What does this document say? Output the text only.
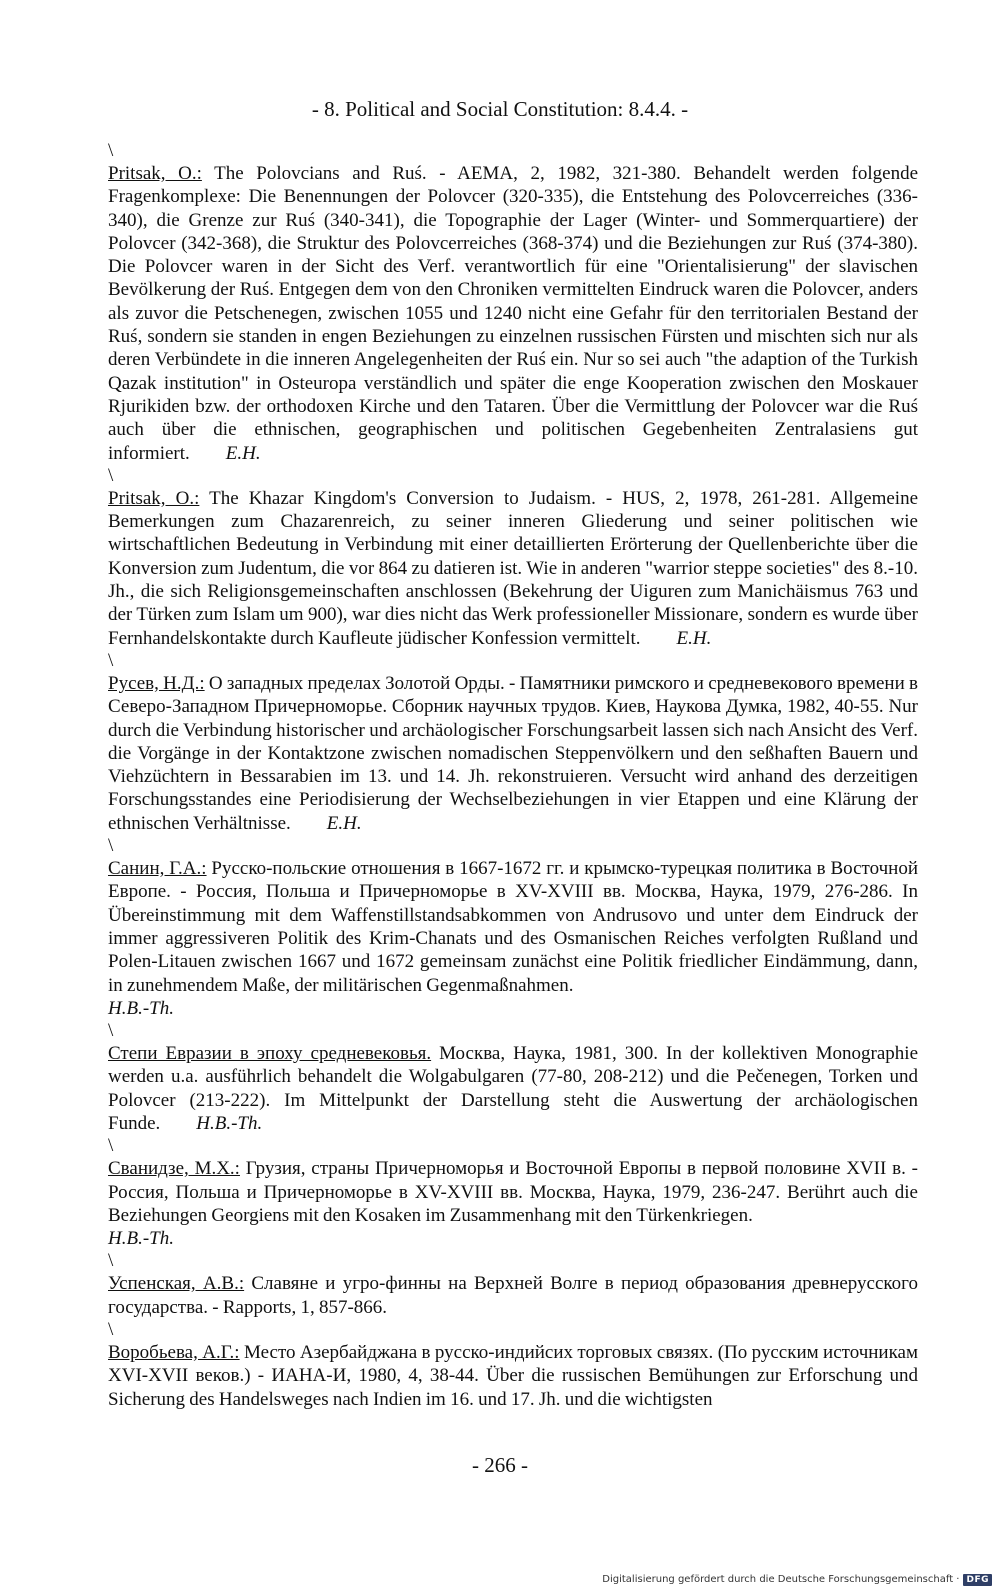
- 8. Political and Social Constitution: 8.4.4. -
\

Pritsak, O.: The Polovcians and Ruś. - AEMA, 2, 1982, 321-380. Behandelt werden folgende Fragenkomplexe: Die Benennungen der Polovcer (320-335), die Entstehung des Polovcerreiches (336-340), die Grenze zur Ruś (340-341), die Topographie der Lager (Winter- und Sommerquartiere) der Polovcer (342-368), die Struktur des Polovcerreiches (368-374) und die Beziehungen zur Ruś (374-380). Die Polovcer waren in der Sicht des Verf. verantwortlich für eine "Orientalisierung" der slavischen Bevölkerung der Ruś. Entgegen dem von den Chroniken vermittelten Eindruck waren die Polovcer, anders als zuvor die Petschenegen, zwischen 1055 und 1240 nicht eine Gefahr für den territorialen Bestand der Ruś, sondern sie standen in engen Beziehungen zu einzelnen russischen Fürsten und mischten sich nur als deren Verbündete in die inneren Angelegenheiten der Ruś ein. Nur so sei auch "the adaption of the Turkish Qazak institution" in Osteuropa verständlich und später die enge Kooperation zwischen den Moskauer Rjurikiden bzw. der orthodoxen Kirche und den Tataren. Über die Vermittlung der Polovcer war die Ruś auch über die ethnischen, geographischen und politischen Gegebenheiten Zentralasiens gut informiert. E.H.

\

Pritsak, O.: The Khazar Kingdom's Conversion to Judaism. - HUS, 2, 1978, 261-281. Allgemeine Bemerkungen zum Chazarenreich, zu seiner inneren Gliederung und seiner politischen wie wirtschaftlichen Bedeutung in Verbindung mit einer detaillierten Erörterung der Quellenberichte über die Konversion zum Judentum, die vor 864 zu datieren ist. Wie in anderen "warrior steppe societies" des 8.-10. Jh., die sich Religionsgemeinschaften anschlossen (Bekehrung der Uiguren zum Manichäismus 763 und der Türken zum Islam um 900), war dies nicht das Werk professioneller Missionare, sondern es wurde über Fernhandelskontakte durch Kaufleute jüdischer Konfession vermittelt. E.H.

\

Русев, Н.Д.: О западных пределах Золотой Орды. - Памятники римского и средневекового времени в Северо-Западном Причерноморье. Сборник научных трудов. Киев, Наукова Думка, 1982, 40-55. Nur durch die Verbindung historischer und archäologischer Forschungsarbeit lassen sich nach Ansicht des Verf. die Vorgänge in der Kontaktzone zwischen nomadischen Steppenvölkern und den seßhaften Bauern und Viehzüchtern in Bessarabien im 13. und 14. Jh. rekonstruieren. Versucht wird anhand des derzeitigen Forschungsstandes eine Periodisierung der Wechselbeziehungen in vier Etappen und eine Klärung der ethnischen Verhältnisse. E.H.

\

Санин, Г.А.: Русско-польские отношения в 1667-1672 гг. и крымско-турецкая политика в Восточной Европе. - Россия, Польша и Причерноморье в XV-XVIII вв. Москва, Наука, 1979, 276-286. In Übereinstimmung mit dem Waffenstillstandsabkommen von Andrusovo und unter dem Eindruck der immer aggressiveren Politik des Krim-Chanats und des Osmanischen Reiches verfolgten Rußland und Polen-Litauen zwischen 1667 und 1672 gemeinsam zunächst eine Politik friedlicher Eindämmung, dann, in zunehmendem Maße, der militärischen Gegenmaßnahmen.
H.B.-Th.

\

Степи Евразии в эпоху средневековья. Москва, Наука, 1981, 300. In der kollektiven Monographie werden u.a. ausführlich behandelt die Wolgabulgaren (77-80, 208-212) und die Pečenegen, Torken und Polovcer (213-222). Im Mittelpunkt der Darstellung steht die Auswertung der archäologischen Funde. H.B.-Th.

\

Сванидзе, М.Х.: Грузия, страны Причерноморья и Восточной Европы в первой половине XVII в. - Россия, Польша и Причерноморье в XV-XVIII вв. Москва, Наука, 1979, 236-247. Berührt auch die Beziehungen Georgiens mit den Kosaken im Zusammenhang mit den Türkenkriegen.
H.B.-Th.

\

Успенская, А.В.: Славяне и угро-финны на Верхней Волге в период образования древнерусского государства. - Rapports, 1, 857-866.

\

Воробьева, А.Г.: Место Азербайджана в русско-индийсих торговых связях. (По русским источникам XVI-XVII веков.) - ИАНА-И, 1980, 4, 38-44. Über die russischen Bemühungen zur Erforschung und Sicherung des Handelsweges nach Indien im 16. und 17. Jh. und die wichtigsten

- 266 -
Digitalisierung gefördert durch die Deutsche Forschungsgemeinschaft · DFG
